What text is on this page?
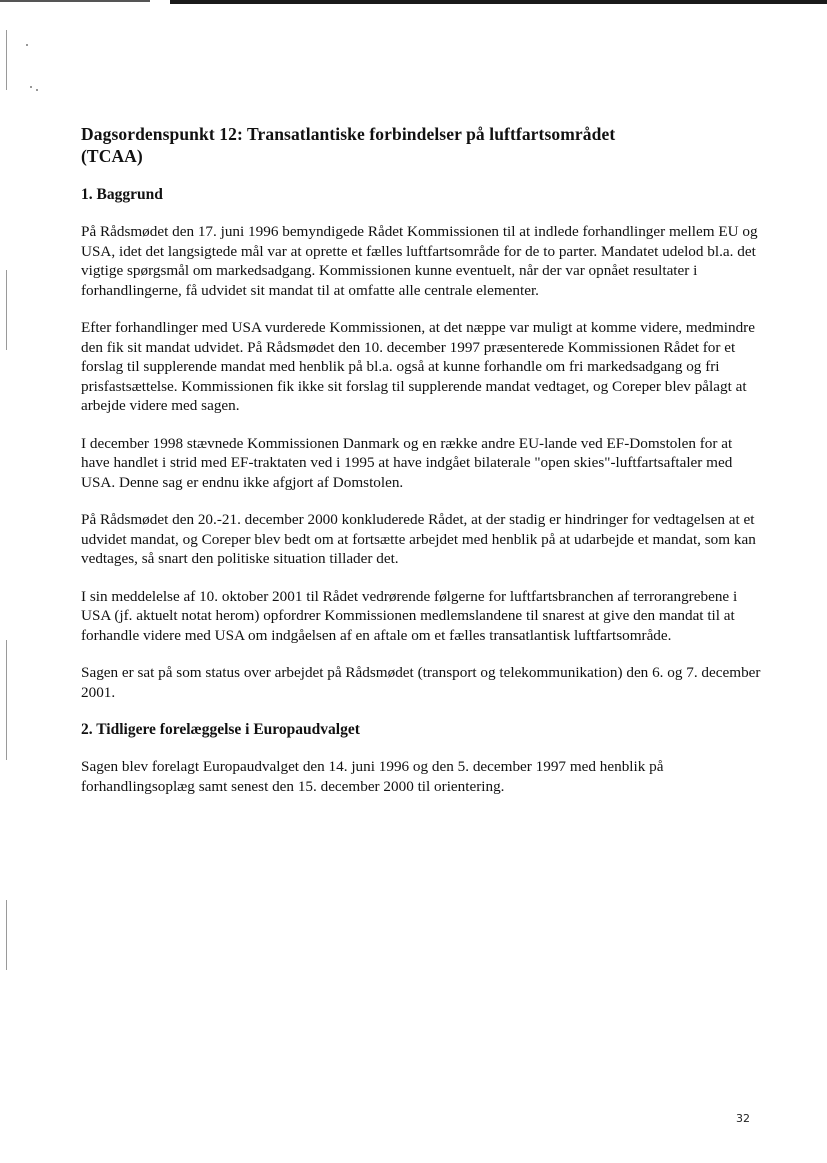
Dagsordenspunkt 12: Transatlantiske forbindelser på luftfartsområdet
(TCAA)
1. Baggrund

På Rådsmødet den 17. juni 1996 bemyndigede Rådet Kommissionen til at indlede forhandlinger mellem EU og USA, idet det langsigtede mål var at oprette et fælles luftfartsområde for de to parter. Mandatet udelod bl.a. det vigtige spørgsmål om markedsadgang. Kommissionen kunne eventuelt, når der var opnået resultater i forhandlingerne, få udvidet sit mandat til at omfatte alle centrale elementer.

Efter forhandlinger med USA vurderede Kommissionen, at det næppe var muligt at komme videre, medmindre den fik sit mandat udvidet. På Rådsmødet den 10. december 1997 præsenterede Kommissionen Rådet for et forslag til supplerende mandat med henblik på bl.a. også at kunne forhandle om fri markedsadgang og fri prisfastsættelse. Kommissionen fik ikke sit forslag til supplerende mandat vedtaget, og Coreper blev pålagt at arbejde videre med sagen.

I december 1998 stævnede Kommissionen Danmark og en række andre EU-lande ved EF-Domstolen for at have handlet i strid med EF-traktaten ved i 1995 at have indgået bilaterale "open skies"-luftfartsaftaler med USA. Denne sag er endnu ikke afgjort af Domstolen.

På Rådsmødet den 20.-21. december 2000 konkluderede Rådet, at der stadig er hindringer for vedtagelsen at et udvidet mandat, og Coreper blev bedt om at fortsætte arbejdet med henblik på at udarbejde et mandat, som kan vedtages, så snart den politiske situation tillader det.

I sin meddelelse af 10. oktober 2001 til Rådet vedrørende følgerne for luftfartsbranchen af terrorangrebene i USA (jf. aktuelt notat herom) opfordrer Kommissionen medlemslandene til snarest at give den mandat til at forhandle videre med USA om indgåelsen af en aftale om et fælles transatlantisk luftfartsområde.

Sagen er sat på som status over arbejdet på Rådsmødet (transport og telekommunikation) den 6. og 7. december 2001.

2. Tidligere forelæggelse i Europaudvalget

Sagen blev forelagt Europaudvalget den 14. juni 1996 og den 5. december 1997 med henblik på forhandlingsoplæg samt senest den 15. december 2000 til orientering.

32
